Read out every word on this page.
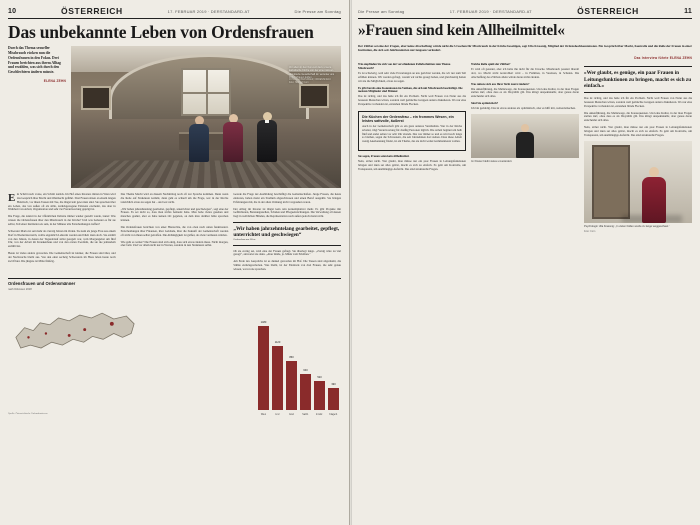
10	ÖSTERREICH	17. FEBRUAR 2019 · DERSTANDARD.AT	Die Presse am Sonntag
Das unbekannte Leben von Ordensfrauen

Durch das Thema sexueller Missbrauch rücken nun die Ordensfrauen in den Fokus. Drei Frauen berichten aus ihrem Alltag und erzählen, was sich durch den Geschlechtern ändern müsste.

ELENA ZEHN

Vor allem in den Konvent dazu unsere katholische Kirche von der eine männer-dominierte Gesellschaft ist: worunter uns Ordensfrauen leiden.
JOHANNA BRANDNER, ORDENSFRAU
Foto: Heribert Corn

Ein Schritt nach vorne, ein Schritt zurück. Im Hof eines Klosters mitten in Wien wird das Gespräch über Macht und Ohnmacht geführt. Drei Frauen sitzen an einem langen Holztisch, vor ihnen Tassen mit Tee, die längst kalt geworden sind. Sie sprechen über ein Leben, das von außen oft als stille, zurückgezogene Existenz erscheint, das aber in Wahrheit von Arbeit, Organisation und sehr viel Verantwortung geprägt ist.

Die Frage, die zuletzt in der öffentlichen Debatte immer wieder gestellt wurde, lautet: Was wissen die Ordensfrauen über den Missbrauch in der Kirche? Und was bedeutet es für sie selbst, Teil einer Institution zu sein, in der Männer alle Entscheidungen treffen?

Schwester Maria ist seit mehr als vierzig Jahren im Orden. Sie kam als junge Frau aus einem Dorf in Niederösterreich, wollte eigentlich Lehrerin werden und blieb dann doch. Sie erzählt von den Jahren, in denen der Tagesablauf strikt geregelt war, vom Morgengebet um fünf Uhr, von der Arbeit im Krankenhaus und von den ersten Zweifeln, die sie nie jemandem erzählt hat.

Heute ist vieles anders geworden. Die Gemeinschaft ist kleiner, die Frauen sind älter, und der Nachwuchs bleibt aus. Von den einst sechzig Schwestern im Haus leben heute noch zwölf hier. Die jüngste ist Mitte fünfzig.

Das Thema Macht wird an diesem Nachmittag noch oft zur Sprache kommen. Denn wenn die Rede auf Strukturen kommt, dann geht es schnell um die Frage, wer in der Kirche tatsächlich etwas zu sagen hat – und wer nicht.

„Wir haben jahrzehntelang gearbeitet, gepflegt, unterrichtet und geschwiegen“, sagt eine der Frauen. Es sei nicht so, dass man nichts bemerkt habe. Man habe vieles gesehen und manches geahnt, aber es habe keinen Ort gegeben, an dem man darüber hätte sprechen können.

Die Ordensfrauen berichten von einer Hierarchie, die von oben nach unten funktioniert. Entscheidungen über Finanzen, über Gebäude, über die Zukunft der Gemeinschaft werden oft nicht von ihnen selbst getroffen. Die Abhängigkeit ist größer, als viele vermuten würden.

Wie geht es weiter? Die Frauen sind sich einig, dass sich etwas ändern muss. Nicht morgen, aber bald. Und vor allem nicht nur in Worten, sondern in den Strukturen selbst.

Gerade die Frage der Ausbildung beschäftigt die Gemeinschaften. Junge Frauen, die heute eintreten, haben meist ein Studium abgeschlossen und einen Beruf ausgeübt. Sie bringen Erfahrungen mit, die in der alten Ordnung nicht vorgesehen waren.

Der Alltag im Kloster ist längst kein rein kontemplativer mehr. Es gibt Projekte mit Geflüchteten, Beratungsstellen, Schulen und Pflegeeinrichtungen. Die Verwaltung all dessen liegt in weiblichen Händen, die Repräsentation nach außen jedoch meist nicht.

„Wir haben jahrzehntelang gearbeitet, gepflegt, unterrichtet und geschwiegen“
Ordensfrau aus Wien

Ob sie zornig sei, wird eine der Frauen gefragt. Sie überlegt lange. „Zornig wäre zu viel gesagt“, antwortet sie dann. „Aber müde, ja. Müde vom Erklären.“

Am Ende des Gesprächs ist es dunkel geworden im Hof. Die Tassen sind abgeräumt, die Stühle zurückgeschoben. Was bleibt, ist der Eindruck von drei Frauen, die sehr genau wissen, wovon sie sprechen.

Ordensfrauen und Ordensmänner
nach Diözesen 2018
1480
Wien
1120
Linz
860
Graz
640
Salzb.
520
Innsbr.
390
Klagenf.
Quelle: Österreichische Ordenskonferenz
Die Presse am Sonntag	17. FEBRUAR 2019 · DERSTANDARD.AT	ÖSTERREICH	11
»Frauen sind kein Allheilmittel«

Der Zölibat sei eine der Fragen, aber keine Abschaffung würde nicht die Ursachen für Missbrauch in der Kirche beseitigen, sagt Ulla Krassnig, Mitglied der Ordenshochkommission. Ein Gespräch über Macht, Kontrolle und die Rolle der Frauen in einer Institution, die sich seit Jahrhunderten nur langsam verändert.

Das Interview führte ELENA ZEHN

Wie empfinden Sie sich von der verschiedenen Fallabschnitten zum Thema Missbrauch?

Es ist schwierig, weil sehr viele Erwartungen an uns gerichtet werden, die wir nur zum Teil erfüllen können. Wir werden gefragt, warum wir nichts gesagt haben, und gleichzeitig hatten wir nie die Möglichkeit, etwas zu sagen.

Es gibt bereits eine Kommission im Vatikan, die sich mit Missbrauch beschäftigt. Die meisten Mitglieder sind Männer.

Das ist richtig, und das halte ich für ein Problem. Nicht weil Frauen von Natur aus die besseren Menschen wären, sondern weil gemischte Gruppen anders diskutieren. Wo nur eine Perspektive vorhanden ist, entstehen blinde Flecken.

Die Küchen der Ordensfrau – ein frommes Wesen, ein leistes sattvolle, äußerst

Auch in der Gemeinschaft gibt es ein ganz anderes Verständnis. Wer in der Küche arbeitet, trägt Verantwortung für dreißig Personen täglich. Die Arbeit beginnt um halb fünf und endet selten vor acht Uhr abends. Das war immer so und es wird noch lange so bleiben, sagen die Schwestern, die seit Jahrzehnten dort stehen. Dass diese Arbeit wenig Anerkennung findet, ist ein Thema, das sie nicht weiter kommentieren wollen.

Sie sagen, Frauen seien kein Allheilmittel.

Nein, sicher nicht. Wer glaubt, man müsse nur ein paar Frauen in Leitungsfunktionen bringen und dann sei alles gelöst, macht es sich zu einfach. Es geht um Kontrolle, um Transparenz, um unabhängige Aufsicht. Das sind strukturelle Fragen.

Welche Rolle spielt der Zölibat?

Er wird oft genannt, aber ich halte ihn nicht für die Ursache. Missbrauch passiert überall dort, wo Macht nicht kontrolliert wird – in Familien, in Vereinen, in Schulen. Die Abschaffung des Zölibats allein würde daran nichts ändern.

Was müsste sich aus Ihrer Sicht zuerst ändern?

Die Aktenführung, die Meldewege, die Konsequenzen. Und eine Kultur, in der man Fragen stellen darf, ohne dass es als Illoyalität gilt. Das klingt unspektakulär, aber genau daran entscheidet sich alles.

Sind Sie optimistisch?

Ich bin geduldig. Das ist etwas anderes als optimistisch, aber es hilft mir, weiterzumachen.

Im Kloster bleibt vieles unverändert.

»Wer glaubt, es genüge, ein paar Frauen in Leitungsfunktionen zu bringen, macht es sich zu einfach.«

Das ist richtig, und das halte ich für ein Problem. Nicht weil Frauen von Natur aus die besseren Menschen wären, sondern weil gemischte Gruppen anders diskutieren. Wo nur eine Perspektive vorhanden ist, entstehen blinde Flecken.

Die Aktenführung, die Meldewege, die Konsequenzen. Und eine Kultur, in der man Fragen stellen darf, ohne dass es als Illoyalität gilt. Das klingt unspektakulär, aber genau daran entscheidet sich alles.

Nein, sicher nicht. Wer glaubt, man müsse nur ein paar Frauen in Leitungsfunktionen bringen und dann sei alles gelöst, macht es sich zu einfach. Es geht um Kontrolle, um Transparenz, um unabhängige Aufsicht. Das sind strukturelle Fragen.

Psychologin Ulla Krassnig: „In vielen Fällen wurde zu lange weggeschaut.“

Foto: Corn
